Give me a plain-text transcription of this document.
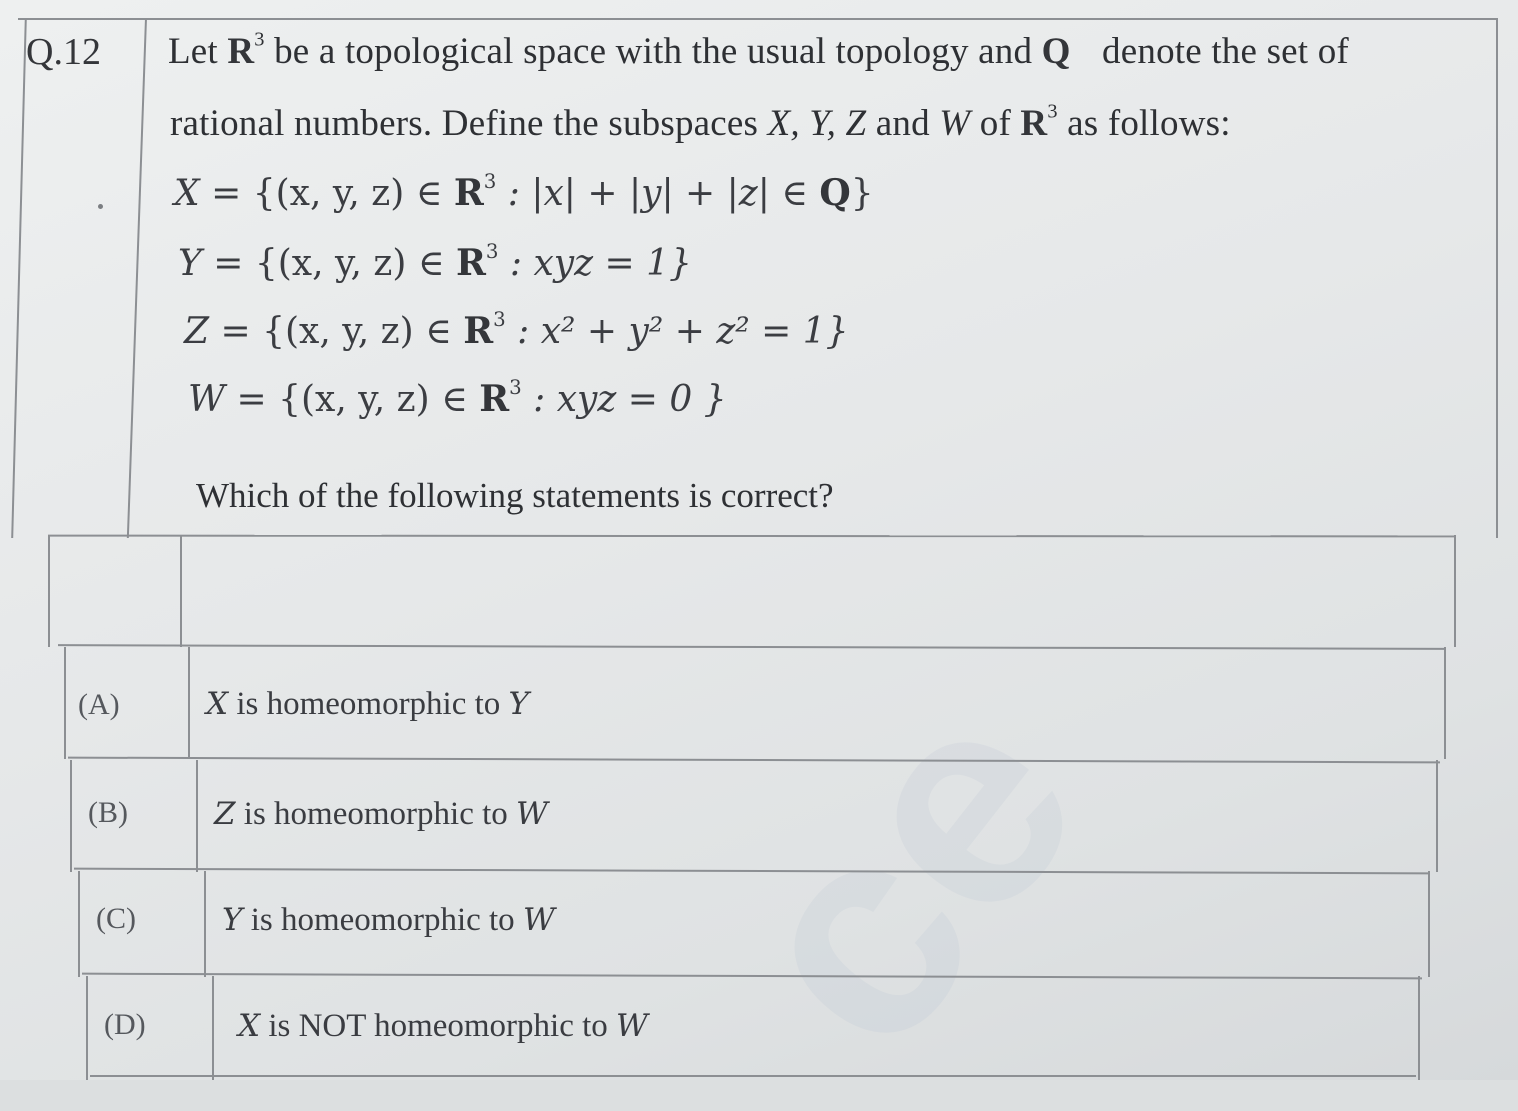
ce
Q.12 Let $R^3$ be a topological space with the usual topology and Q denote the set of
rational numbers. Define the subspaces X, Y, Z and W of $R^3$ as follows:
X = {(x, y, z) ∈ $R^3$ : |x| + |y| + |z| ∈ Q}
Y = {(x, y, z) ∈ $R^3$ : xyz = 1}
Z = {(x, y, z) ∈ $R^3$ : x² + y² + z² = 1}
W = {(x, y, z) ∈ $R^3$ : xyz = 0 }
Which of the following statements is correct?
(A)	X is homeomorphic to Y
(B)	Z is homeomorphic to W
(C)	Y is homeomorphic to W
(D)	X is NOT homeomorphic to W
